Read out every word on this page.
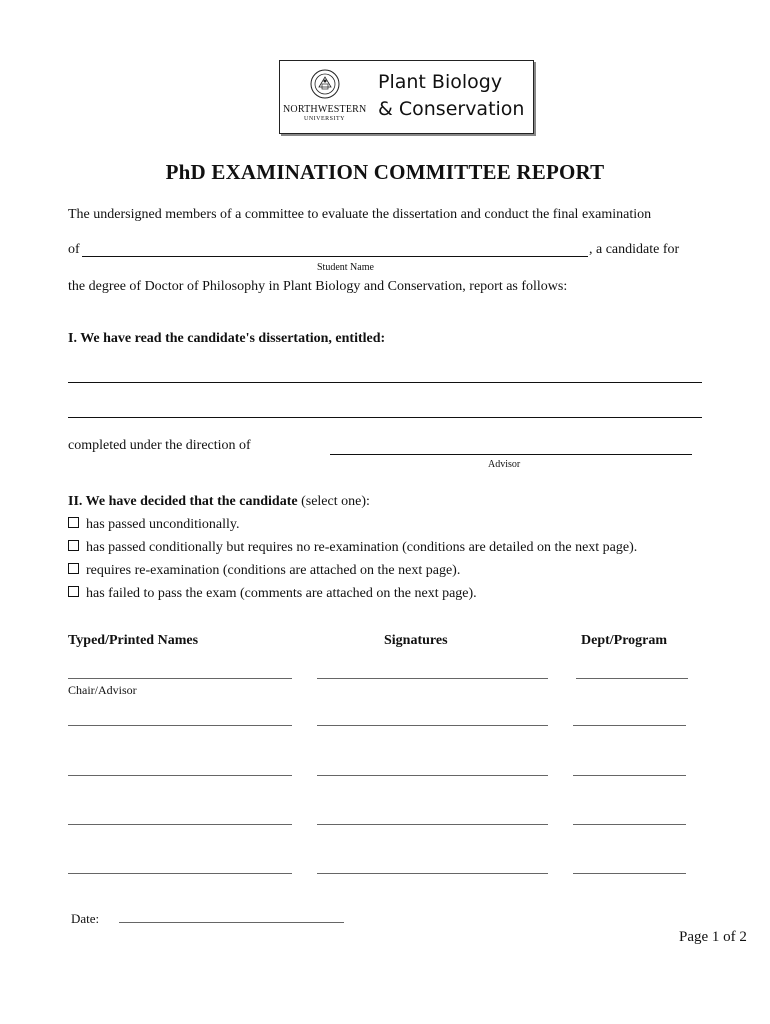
NORTHWESTERN
UNIVERSITY
Plant Biology
& Conservation
PhD EXAMINATION COMMITTEE REPORT
The undersigned members of a committee to evaluate the dissertation and conduct the final examination
of	, a candidate for
Student Name
the degree of Doctor of Philosophy in Plant Biology and Conservation, report as follows:
I. We have read the candidate's dissertation, entitled:
completed under the direction of
Advisor
II. We have decided that the candidate (select one):
has passed unconditionally.
has passed conditionally but requires no re-examination (conditions are detailed on the next page).
requires re-examination (conditions are attached on the next page).
has failed to pass the exam (comments are attached on the next page).
Typed/Printed Names	Signatures	Dept/Program
Chair/Advisor
Date:
Page 1 of 2
